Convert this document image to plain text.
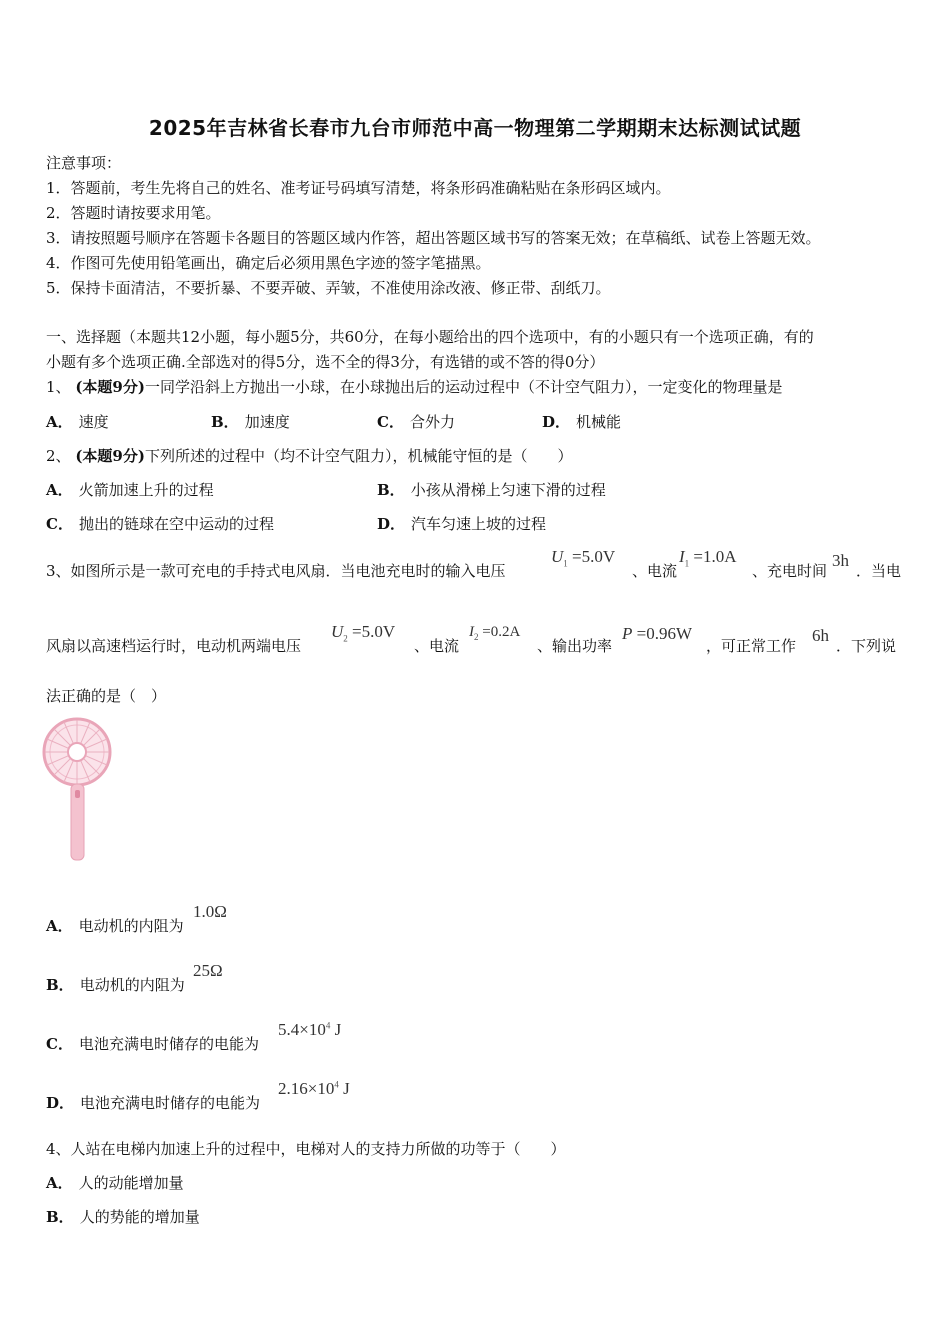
2025年吉林省长春市九台市师范中高一物理第二学期期末达标测试试题
注意事项：
1．答题前，考生先将自己的姓名、准考证号码填写清楚，将条形码准确粘贴在条形码区域内。
2．答题时请按要求用笔。
3．请按照题号顺序在答题卡各题目的答题区域内作答，超出答题区域书写的答案无效；在草稿纸、试卷上答题无效。
4．作图可先使用铅笔画出，确定后必须用黑色字迹的签字笔描黑。
5．保持卡面清洁，不要折暴、不要弄破、弄皱，不准使用涂改液、修正带、刮纸刀。
一、选择题（本题共12小题，每小题5分，共60分，在每小题给出的四个选项中，有的小题只有一个选项正确，有的
小题有多个选项正确.全部选对的得5分，选不全的得3分，有选错的或不答的得0分）
1、 (本题9分)一同学沿斜上方抛出一小球，在小球抛出后的运动过程中（不计空气阻力），一定变化的物理量是
A． 速度	B． 加速度	C． 合外力	D． 机械能
2、 (本题9分)下列所述的过程中（均不计空气阻力），机械能守恒的是（　　）
A． 火箭加速上升的过程	B． 小孩从滑梯上匀速下滑的过程
C． 抛出的链球在空中运动的过程	D． 汽车匀速上坡的过程
3、如图所示是一款可充电的手持式电风扇．当电池充电时的输入电压
$U_1 =5.0V$
、电流
$I_1 =1.0A$
、充电时间
3h
．当电
风扇以高速档运行时，电动机两端电压
$U_2 =5.0V$
、电流
$I_2 =0.2A$
、输出功率
P =0.96W
，可正常工作
6h
．下列说
法正确的是（　）
A． 电动机的内阻为
1.0Ω
B． 电动机的内阻为
25Ω
C． 电池充满电时储存的电能为
$5.4\times 10^4$ J
D． 电池充满电时储存的电能为
$2.16\times 10^4$ J
4、人站在电梯内加速上升的过程中，电梯对人的支持力所做的功等于（　　）
A． 人的动能增加量
B． 人的势能的增加量
